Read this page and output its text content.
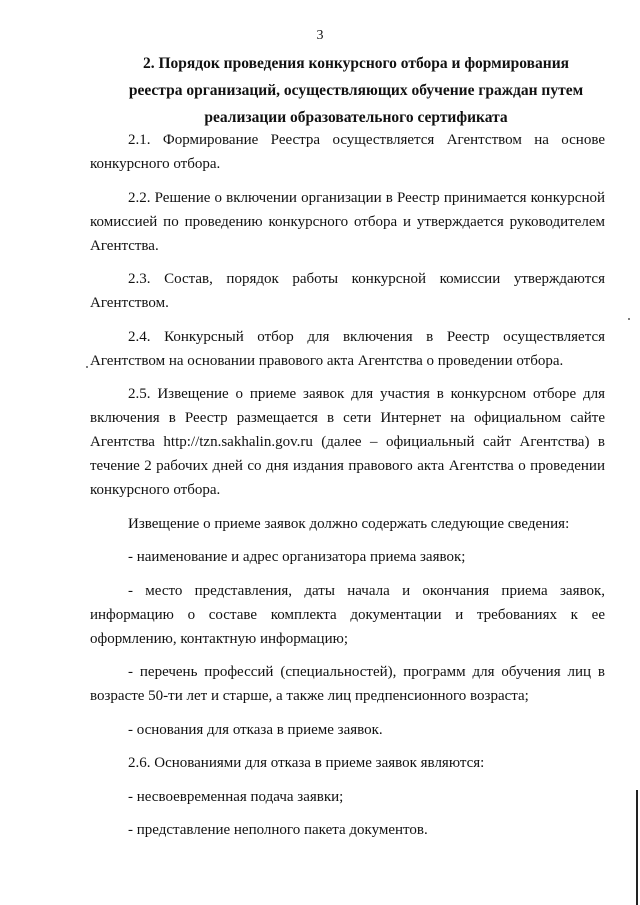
3
2. Порядок проведения конкурсного отбора и формирования
реестра организаций, осуществляющих обучение граждан путем
реализации образовательного сертификата

2.1. Формирование Реестра осуществляется Агентством на основе конкурсного отбора.

2.2. Решение о включении организации в Реестр принимается конкурсной комиссией по проведению конкурсного отбора и утверждается руководителем Агентства.

2.3. Состав, порядок работы конкурсной комиссии утверждаются Агентством.

2.4. Конкурсный отбор для включения в Реестр осуществляется Агентством на основании правового акта Агентства о проведении отбора.

2.5. Извещение о приеме заявок для участия в конкурсном отборе для включения в Реестр размещается в сети Интернет на официальном сайте Агентства http://tzn.sakhalin.gov.ru (далее – официальный сайт Агентства) в течение 2 рабочих дней со дня издания правового акта Агентства о проведении конкурсного отбора.

Извещение о приеме заявок должно содержать следующие сведения:

- наименование и адрес организатора приема заявок;

- место представления, даты начала и окончания приема заявок, информацию о составе комплекта документации и требованиях к ее оформлению, контактную информацию;

- перечень профессий (специальностей), программ для обучения лиц в возрасте 50-ти лет и старше, а также лиц предпенсионного возраста;

- основания для отказа в приеме заявок.

2.6. Основаниями для отказа в приеме заявок являются:

- несвоевременная подача заявки;

- представление неполного пакета документов.
